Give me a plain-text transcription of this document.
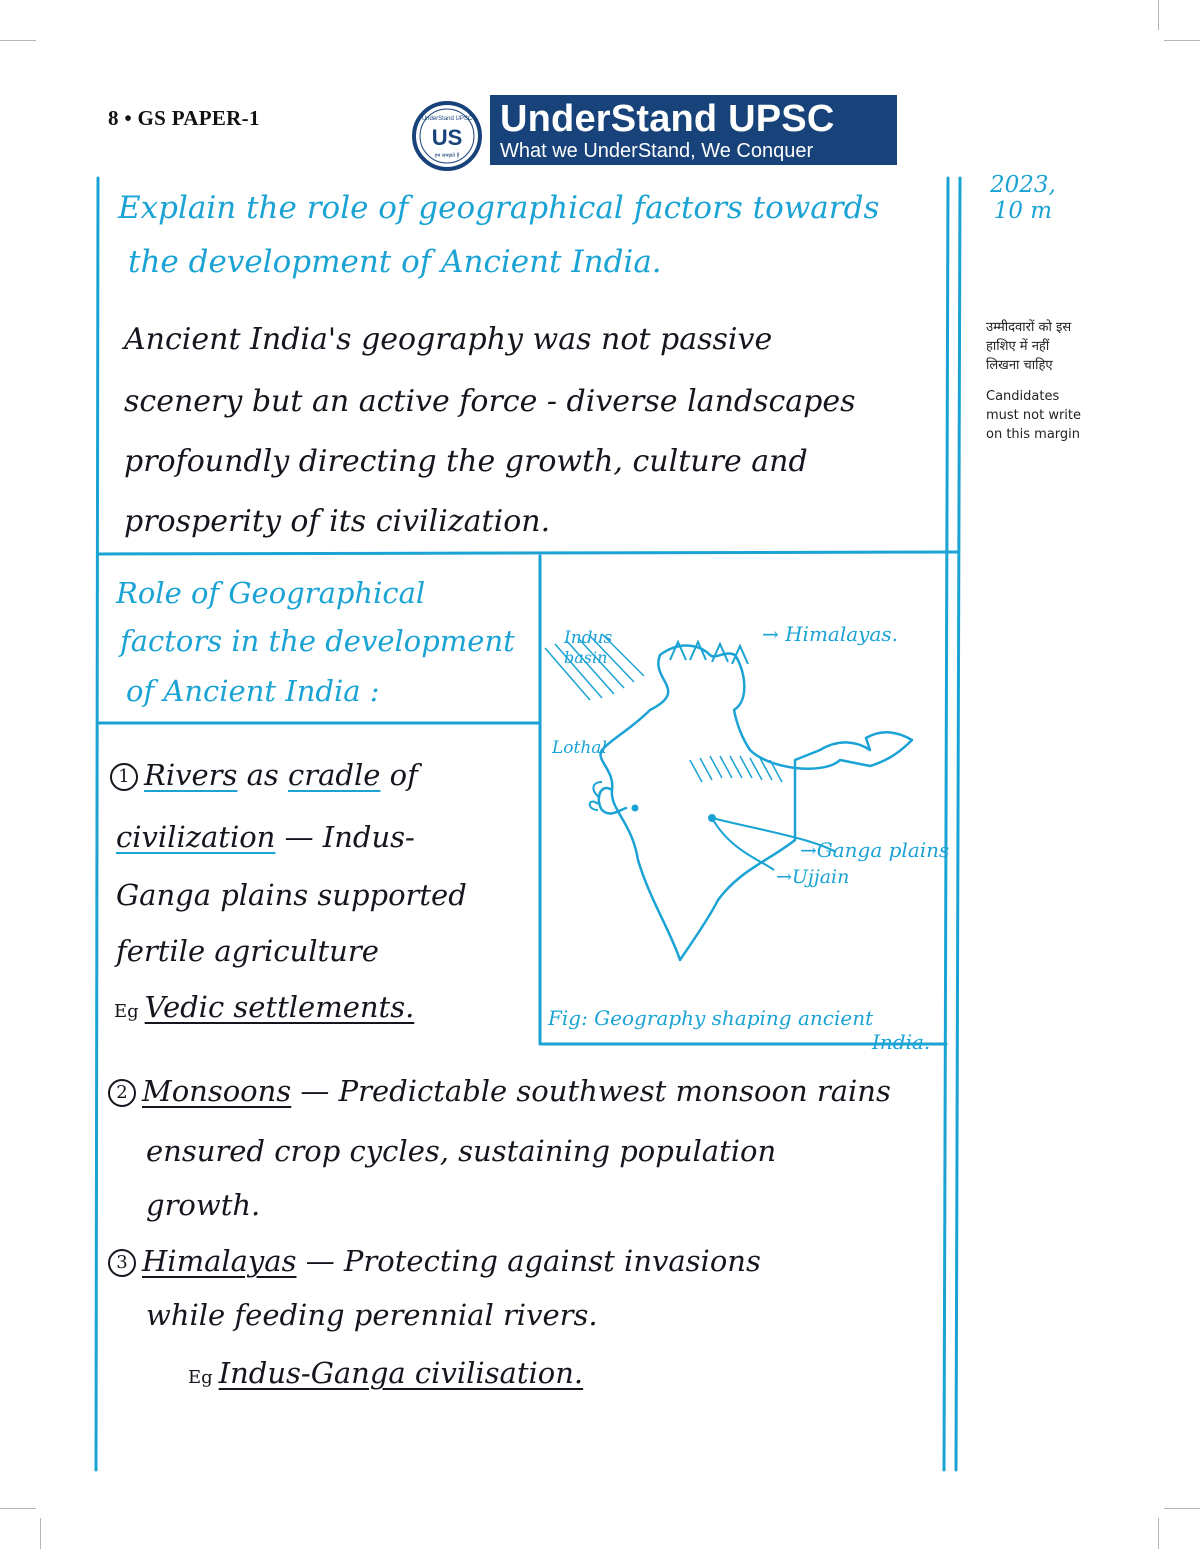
8 • GS PAPER-1	UnderStand UPSC
US
हम समझते हैं
UnderStand UPSC
What we UnderStand, We Conquer

उम्मीदवारों को इस हाशिए में नहीं लिखना चाहिए

Candidates must not write on this margin

2023,
10 m
Explain the role of geographical factors towards
the development of Ancient India.
Ancient India's geography was not passive
scenery but an active force - diverse landscapes
profoundly directing the growth, culture and
prosperity of its civilization.
Role of Geographical
factors in the development
of Ancient India :
1 Rivers as cradle of
civilization — Indus-
Ganga plains supported
fertile agriculture
Eg Vedic settlements.
Indus
basin
→ Himalayas.
Lothal
→Ganga plains
→Ujjain
Fig: Geography shaping ancient
India.
2 Monsoons — Predictable southwest monsoon rains
ensured crop cycles, sustaining population
growth.
3 Himalayas — Protecting against invasions
while feeding perennial rivers.
Eg Indus-Ganga civilisation.
